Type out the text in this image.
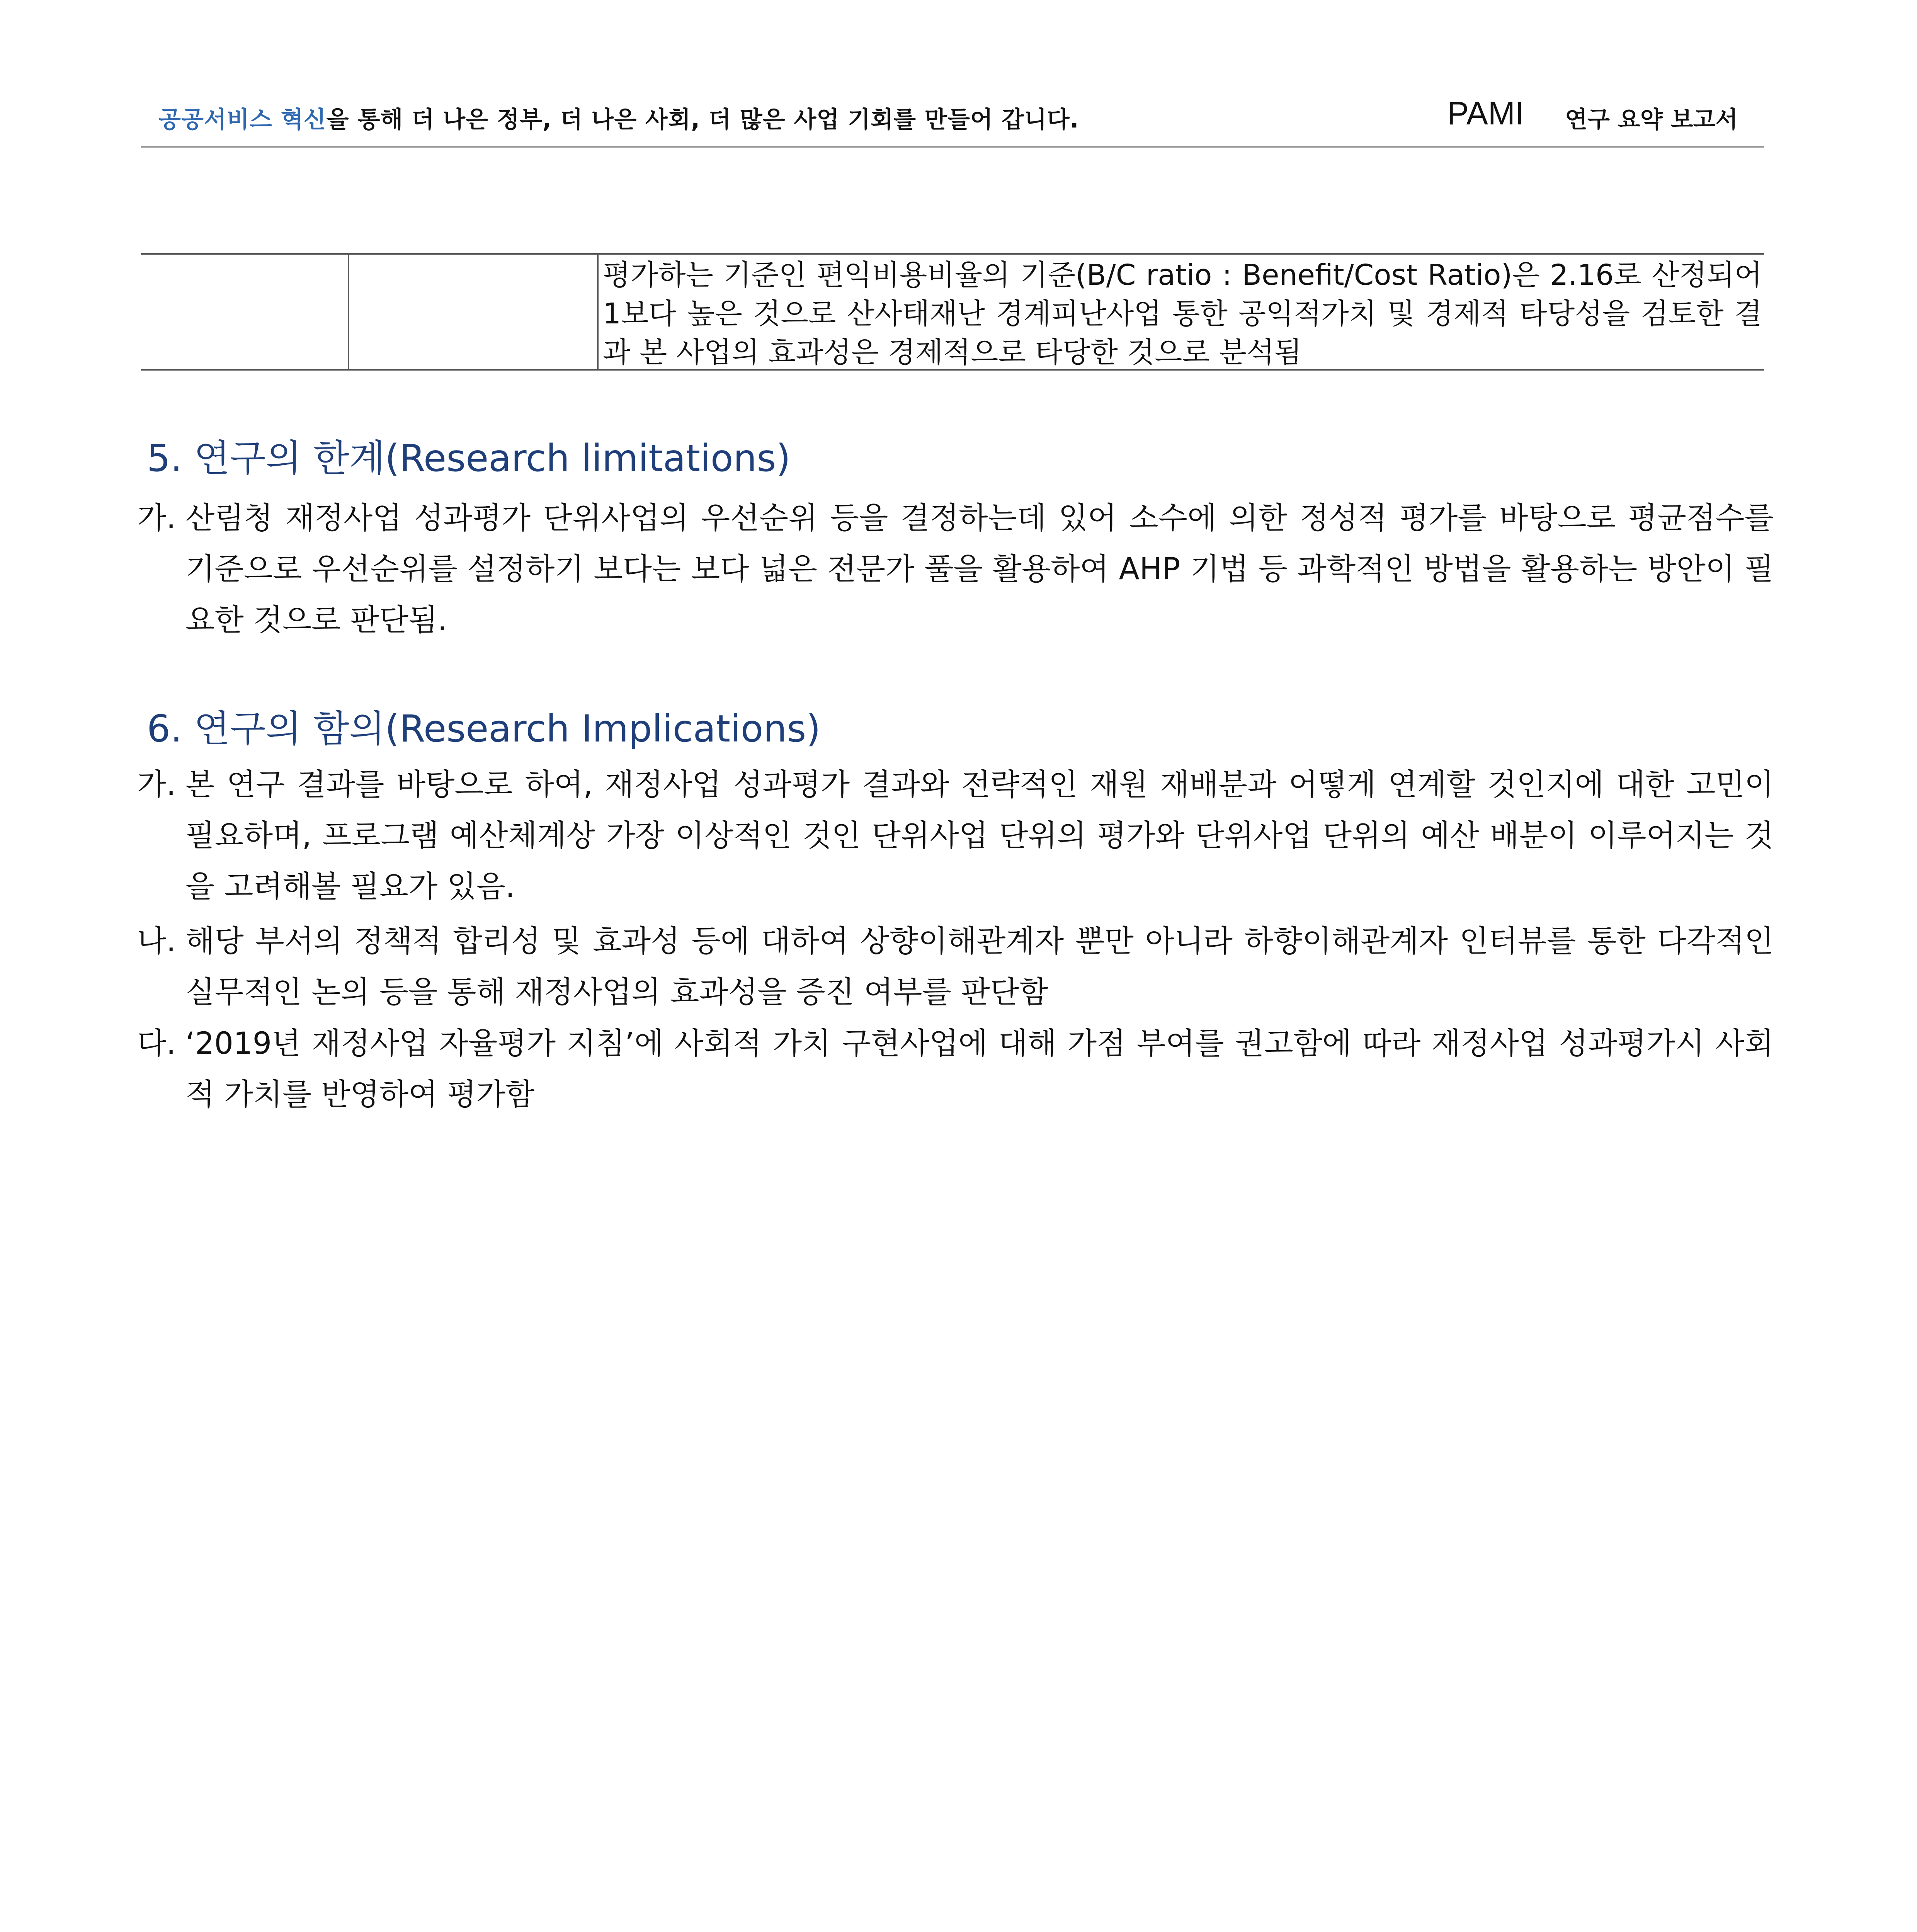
공공서비스 혁신을 통해 더 나은 정부, 더 나은 사회, 더 많은 사업 기회를 만들어 갑니다.	PAMI 연구 요약 보고서
평가하는 기준인 편익비용비율의 기준(B/C ratio : Benefit/Cost Ratio)은 2.16로 산정되어 1보다 높은 것으로 산사태재난 경계피난사업 통한 공익적가치 및 경제적 타당성을 검토한 결과 본 사업의 효과성은 경제적으로 타당한 것으로 분석됨
5. 연구의 한계(Research limitations)
가. 산림청 재정사업 성과평가 단위사업의 우선순위 등을 결정하는데 있어 소수에 의한 정성적 평가를 바탕으로 평균점수를 기준으로 우선순위를 설정하기 보다는 보다 넓은 전문가 풀을 활용하여 AHP 기법 등 과학적인 방법을 활용하는 방안이 필요한 것으로 판단됨.
6. 연구의 함의(Research Implications)
가. 본 연구 결과를 바탕으로 하여, 재정사업 성과평가 결과와 전략적인 재원 재배분과 어떻게 연계할 것인지에 대한 고민이 필요하며, 프로그램 예산체계상 가장 이상적인 것인 단위사업 단위의 평가와 단위사업 단위의 예산 배분이 이루어지는 것을 고려해볼 필요가 있음.
나. 해당 부서의 정책적 합리성 및 효과성 등에 대하여 상향이해관계자 뿐만 아니라 하향이해관계자 인터뷰를 통한 다각적인 실무적인 논의 등을 통해 재정사업의 효과성을 증진 여부를 판단함
다. ‘2019년 재정사업 자율평가 지침’에 사회적 가치 구현사업에 대해 가점 부여를 권고함에 따라 재정사업 성과평가시 사회적 가치를 반영하여 평가함
